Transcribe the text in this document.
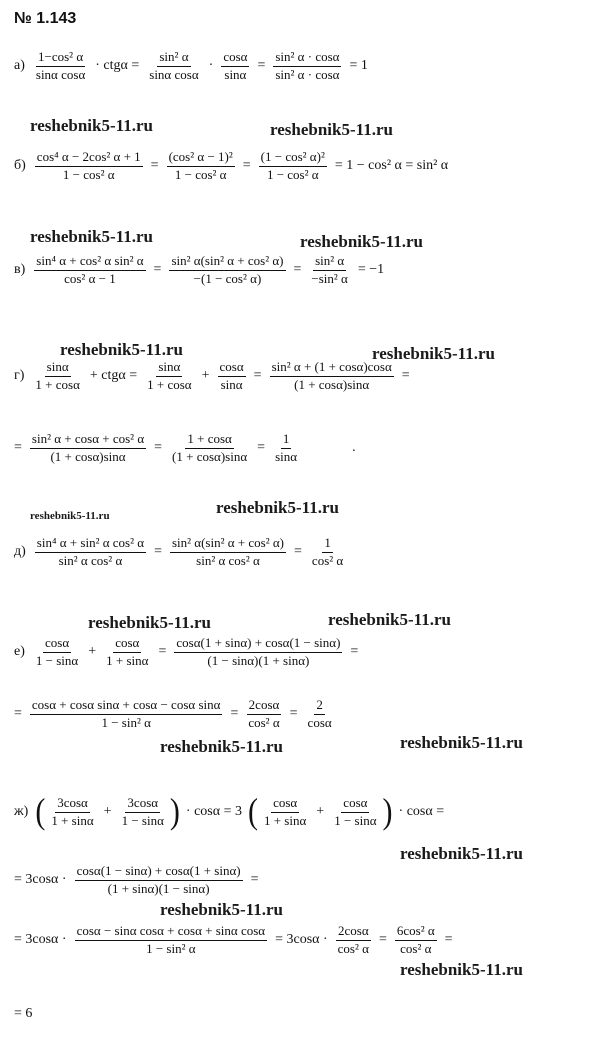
№ 1.143
reshebnik5-11.ru	reshebnik5-11.ru
reshebnik5-11.ru	reshebnik5-11.ru
reshebnik5-11.ru	reshebnik5-11.ru
reshebnik5-11.ru	reshebnik5-11.ru
reshebnik5-11.ru	reshebnik5-11.ru
reshebnik5-11.ru	reshebnik5-11.ru
reshebnik5-11.ru
reshebnik5-11.ru
reshebnik5-11.ru
$а) \frac{\text{1−cos² α}}{\text{sinα cosα}} \cdot ctg\alpha = \frac{\text{sin² α}}{\text{sinα cosα}} \cdot \frac{\cos\alpha}{\sin\alpha} = \frac{\text{sin² α · cosα}}{\text{sin² α · cosα}} = 1$
$б) \frac{\text{cos⁴ α − 2cos² α + 1}}{\text{1 − cos² α}} = \frac{\text{(cos² α − 1)²}}{\text{1 − cos² α}} = \frac{\text{(1 − cos² α)²}}{\text{1 − cos² α}} = 1 - \cos^2$ α = sin² α
$в) \frac{\text{sin⁴ α + cos² α sin² α}}{\text{cos² α − 1}} = \frac{\text{sin² α(sin² α + cos² α)}}{\text{−(1 − cos² α)}} = \frac{\text{sin² α}}{\text{−sin² α}} = -1$
$г) \frac{\sin\alpha}{1 + \cos\alpha} + ctg\alpha = \frac{\sin\alpha}{1 + \cos\alpha} + \frac{\cos\alpha}{\sin\alpha} = \frac{\text{sin² α + (1 + cosα)cosα}}{(1 + \cos\alpha)\sin\alpha}$ =
= $\frac{\text{sin² α + cosα + cos² α}}{(1 + \cos\alpha)\sin\alpha} = \frac{1 + \cos\alpha}{(1 + \cos\alpha)\sin\alpha} = \frac{1}{\sin\alpha}$	.
$д) \frac{\text{sin⁴ α + sin² α cos² α}}{\text{sin² α cos² α}} = \frac{\text{sin² α(sin² α + cos² α)}}{\text{sin² α cos² α}} = \frac{1}{\text{cos² α}}$
$е) \frac{\cos\alpha}{1 - \sin\alpha} + \frac{\cos\alpha}{1 + \sin\alpha} = \frac{\cos\alpha(1 + \sin\alpha) + \cos\alpha(1 - \sin\alpha)}{(1 - \sin\alpha)(1 + \sin\alpha)}$ =
= $\frac{\text{cosα + cosα sinα + cosα − cosα sinα}}{\text{1 − sin² α}} = \frac{2\cos\alpha}{\text{cos² α}} = \frac{2}{\cos\alpha}$
ж) ( $\frac{3\cos\alpha}{1 + \sin\alpha} + \frac{3\cos\alpha}{1 - \sin\alpha}$ ) · cosα = 3 ( $\frac{\cos\alpha}{1 + \sin\alpha} + \frac{\cos\alpha}{1 - \sin\alpha}$ ) · cosα =
= $3\cos\alpha \cdot \frac{\cos\alpha(1 - \sin\alpha) + \cos\alpha(1 + \sin\alpha)}{(1 + \sin\alpha)(1 - \sin\alpha)}$ =
= $3\cos\alpha \cdot \frac{\text{cosα − sinα cosα + cosα + sinα cosα}}{\text{1 − sin² α}} = 3\cos\alpha \cdot \frac{2\cos\alpha}{\text{cos² α}} = \frac{\text{6cos² α}}{\text{cos² α}}$ =
= 6
